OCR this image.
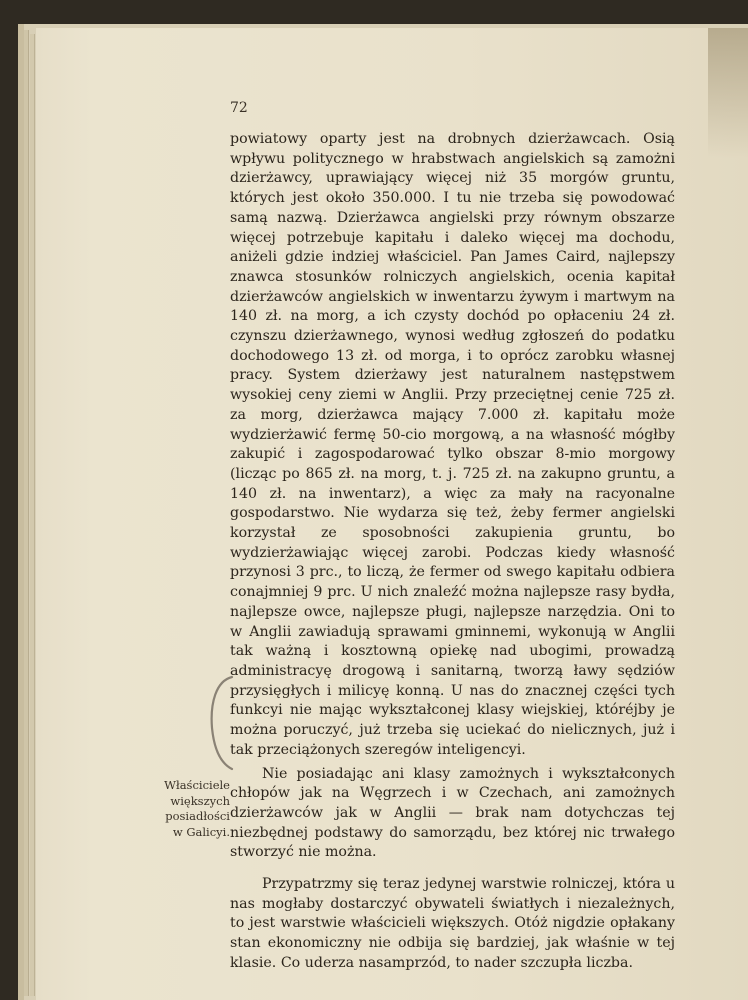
72

powiatowy oparty jest na drobnych dzierżawcach. Osią wpływu politycznego w hrabstwach angielskich są zamożni dzierżawcy, uprawiający więcej niż 35 morgów gruntu, których jest około 350.000. I tu nie trzeba się powodować samą nazwą. Dzierżawca angielski przy równym obszarze więcej potrzebuje kapitału i daleko więcej ma dochodu, aniżeli gdzie indziej właściciel. Pan James Caird, najlepszy znawca stosunków rolniczych angielskich, ocenia kapitał dzierżawców angielskich w inwentarzu żywym i martwym na 140 zł. na morg, a ich czysty dochód po opłaceniu 24 zł. czynszu dzierżawnego, wynosi według zgłoszeń do podatku dochodowego 13 zł. od morga, i to oprócz zarobku własnej pracy. System dzierżawy jest naturalnem następstwem wysokiej ceny ziemi w Anglii. Przy przeciętnej cenie 725 zł. za morg, dzierżawca mający 7.000 zł. kapitału może wydzierżawić fermę 50-cio morgową, a na własność mógłby zakupić i zagospodarować tylko obszar 8-mio morgowy (licząc po 865 zł. na morg, t. j. 725 zł. na zakupno gruntu, a 140 zł. na inwentarz), a więc za mały na racyonalne gospodarstwo. Nie wydarza się też, żeby fermer angielski korzystał ze sposobności zakupienia gruntu, bo wydzierżawiając więcej zarobi. Podczas kiedy własność przynosi 3 prc., to liczą, że fermer od swego kapitału odbiera conajmniej 9 prc. U nich znaleźć można najlepsze rasy bydła, najlepsze owce, najlepsze pługi, najlepsze narzędzia. Oni to w Anglii zawiadują sprawami gminnemi, wykonują w Anglii tak ważną i kosztowną opiekę nad ubogimi, prowadzą administracyę drogową i sanitarną, tworzą ławy sędziów przysięgłych i milicyę konną. U nas do znacznej części tych funkcyi nie mając wykształconej klasy wiejskiej, któréjby je można poruczyć, już trzeba się uciekać do nielicznych, już i tak przeciążonych szeregów inteligencyi.

Nie posiadając ani klasy zamożnych i wykształconych chłopów jak na Węgrzech i w Czechach, ani zamożnych dzierżawców jak w Anglii — brak nam dotychczas tej niezbędnej podstawy do samorządu, bez której nic trwałego stworzyć nie można.

Przypatrzmy się teraz jedynej warstwie rolniczej, która u nas mogłaby dostarczyć obywateli światłych i niezależnych, to jest warstwie właścicieli większych. Otóż nigdzie opłakany stan ekonomiczny nie odbija się bardziej, jak właśnie w tej klasie. Co uderza nasamprzód, to nader szczupła liczba.

Właściciele większych posiadłości w Galicyi.
